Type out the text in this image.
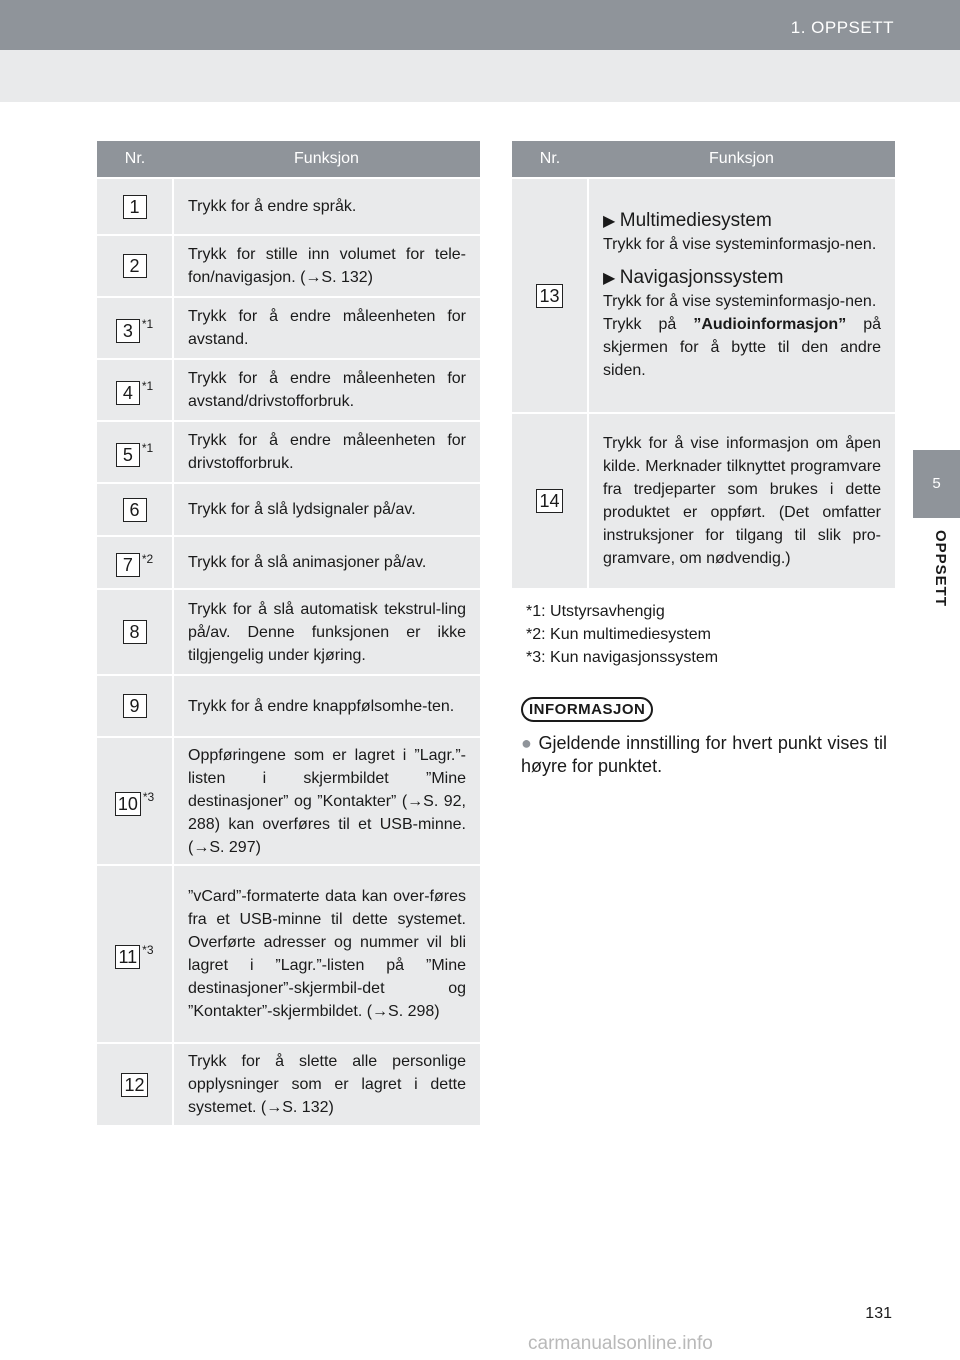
1. OPPSETT
5
OPPSETT
Nr.	Funksjon
1	Trykk for å endre språk.
2	Trykk for stille inn volumet for tele-fon/navigasjon. (→S. 132)
3 $^{*1}$	Trykk for å endre måleenheten for avstand.
4 $^{*1}$	Trykk for å endre måleenheten for avstand/drivstofforbruk.
5 $^{*1}$	Trykk for å endre måleenheten for drivstofforbruk.
6	Trykk for å slå lydsignaler på/av.
7 $^{*2}$	Trykk for å slå animasjoner på/av.
8	Trykk for å slå automatisk tekstrul-ling på/av. Denne funksjonen er ikke tilgjengelig under kjøring.
9	Trykk for å endre knappfølsomhe-ten.
10 $^{*3}$	Oppføringene som er lagret i ”Lagr.”-listen i skjermbildet ”Mine destinasjoner” og ”Kontakter” (→S. 92, 288) kan overføres til et USB-minne. (→S. 297)
11 $^{*3}$	”vCard”-formaterte data kan over-føres fra et USB-minne til dette systemet. Overførte adresser og nummer vil bli lagret i ”Lagr.”-listen på ”Mine destinasjoner”-skjermbil-det og ”Kontakter”-skjermbildet. (→S. 298)
12	Trykk for å slette alle personlige opplysninger som er lagret i dette systemet. (→S. 132)
Nr.	Funksjon
13	▶ Multimediesystem
Trykk for å vise systeminformasjo-nen.
▶ Navigasjonssystem
Trykk for å vise systeminformasjo-nen.
Trykk på ”Audioinformasjon” på skjermen for å bytte til den andre siden.

14	Trykk for å vise informasjon om åpen kilde. Merknader tilknyttet programvare fra tredjeparter som brukes i dette produktet er oppført. (Det omfatter instruksjoner for tilgang til slik pro-gramvare, om nødvendig.)
*1: Utstyrsavhengig
*2: Kun multimediesystem
*3: Kun navigasjonssystem
INFORMASJON
● Gjeldende innstilling for hvert punkt vises til høyre for punktet.
131
carmanualsonline.info
